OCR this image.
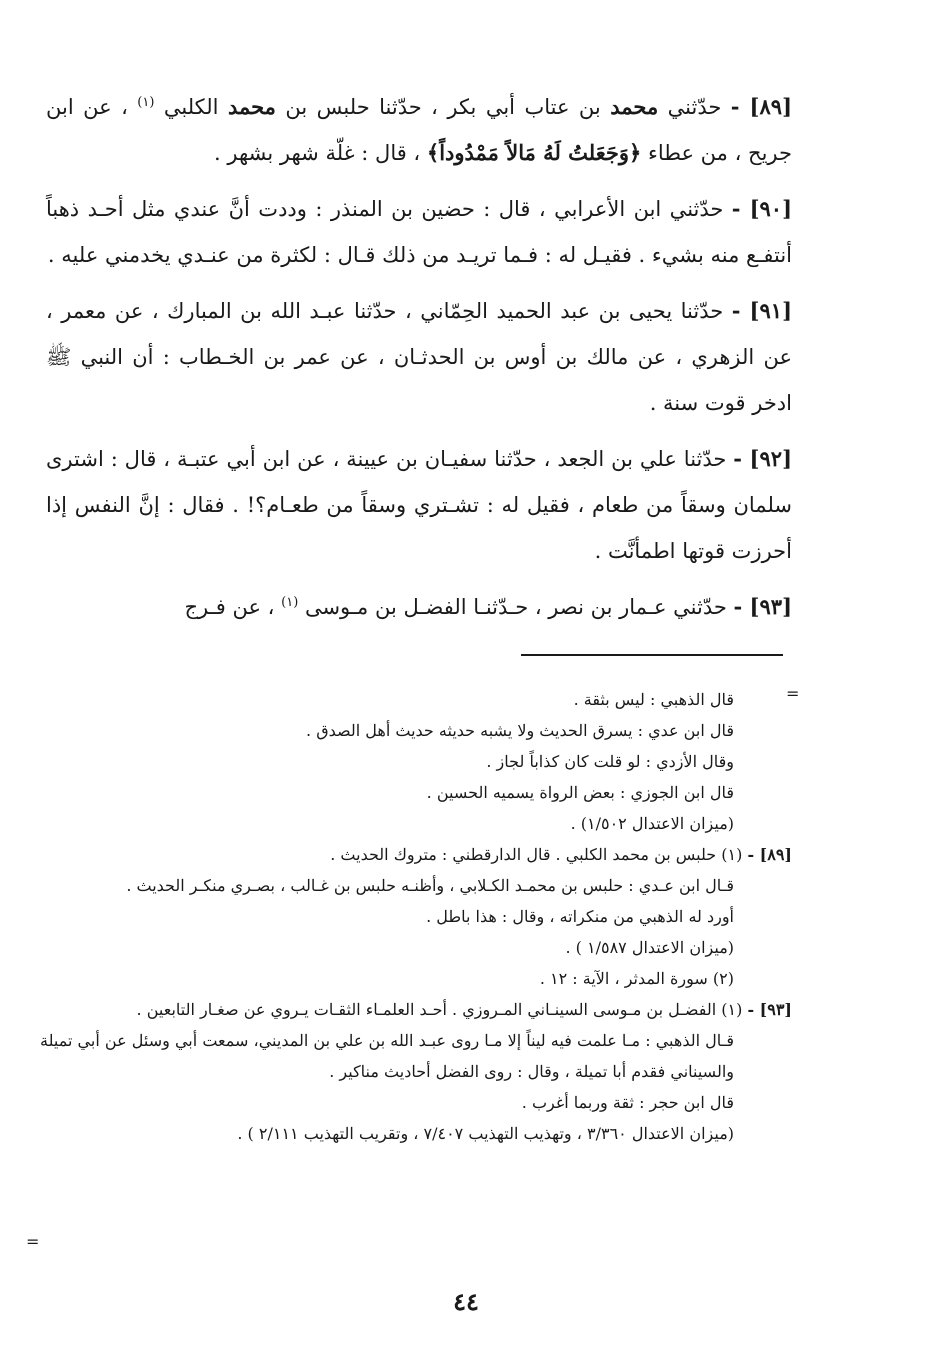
[٨٩] - حدّثني محمد بن عتاب أبي بكر ، حدّثنا حلبس بن محمد الكلبي $^{(١)}$ ، عن ابن جريح ، من عطاء ﴿وَجَعَلتُ لَهُ مَالاً مَمْدُوداً﴾ ، قال : غلّة شهر بشهر .

[٩٠] - حدّثني ابن الأعرابي ، قال : حضين بن المنذر : وددت أنَّ عندي مثل أحـد ذهباً أنتفـع منه بشيء . فقيـل له : فـما تريـد من ذلك قـال : لكثرة من عنـدي يخدمني عليه .

[٩١] - حدّثنا يحيى بن عبد الحميد الحِمّاني ، حدّثنا عبـد الله بن المبارك ، عن معمر ، عن الزهري ، عن مالك بن أوس بن الحدثـان ، عن عمر بن الخـطاب : أن النبي ﷺ ادخر قوت سنة .

[٩٢] - حدّثنا علي بن الجعد ، حدّثنا سفيـان بن عيينة ، عن ابن أبي عتبـة ، قال : اشترى سلمان وسقاً من طعام ، فقيل له : تشـتري وسقاً من طعـام؟! . فقال : إنَّ النفس إذا أحرزت قوتها اطمأنَّت .

[٩٣] - حدّثني عـمار بن نصر ، حـدّثنـا الفضـل بن مـوسى $^{(١)}$ ، عن فـرج

=

قال الذهبي : ليس بثقة .

قال ابن عدي : يسرق الحديث ولا يشبه حديثه حديث أهل الصدق .

وقال الأزدي : لو قلت كان كذاباً لجاز .

قال ابن الجوزي : بعض الرواة يسميه الحسين .

(ميزان الاعتدال ١/٥٠٢) .

[٨٩] - (١) حلبس بن محمد الكلبي . قال الدارقطني : متروك الحديث .

قـال ابن عـدي : حلبس بن محمـد الكـلابي ، وأظنـه حلبس بن غـالب ، بصـري منكـر الحديث .

أورد له الذهبي من منكراته ، وقال : هذا باطل .

(ميزان الاعتدال ١/٥٨٧ ) .

(٢) سورة المدثر ، الآية : ١٢ .

[٩٣] - (١) الفضـل بن مـوسى السينـاني المـروزي . أحـد العلمـاء الثقـات يـروي عن صغـار التابعين .

قـال الذهبي : مـا علمت فيه ليناً إلا مـا روى عبـد الله بن علي بن المديني، سمعت أبي وسئل عن أبي تميلة والسيناني فقدم أبا تميلة ، وقال : روى الفضل أحاديث مناكير .

قال ابن حجر : ثقة وربما أغرب .

(ميزان الاعتدال ٣/٣٦٠ ، وتهذيب التهذيب ٧/٤٠٧ ، وتقريب التهذيب ٢/١١١ ) .

=
٤٤
